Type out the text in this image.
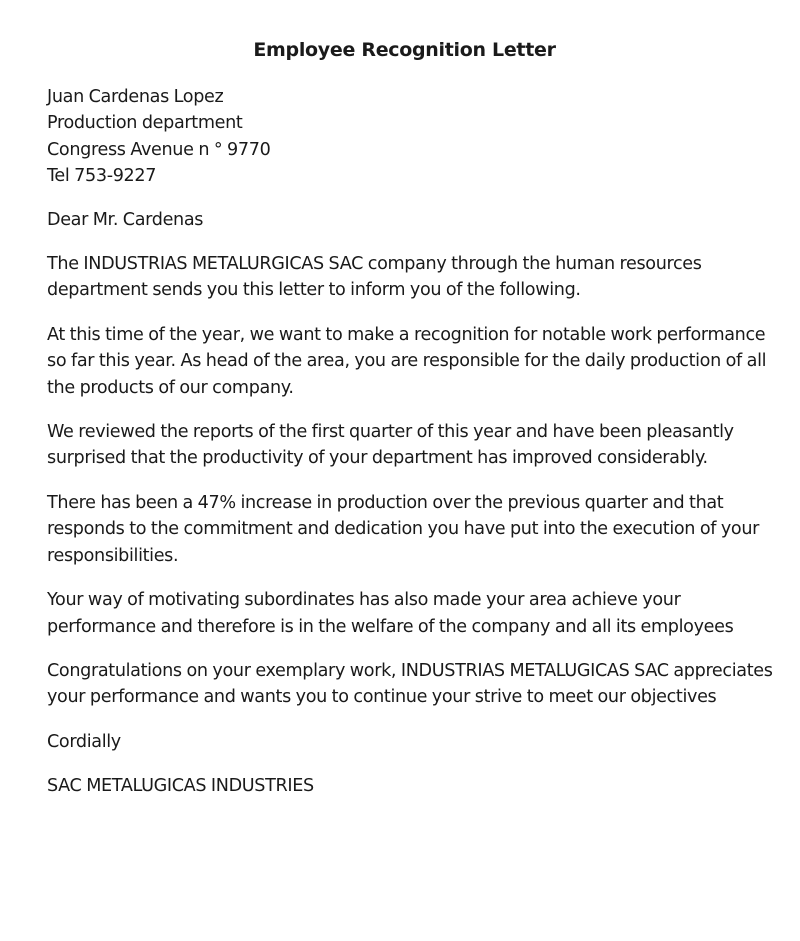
Employee Recognition Letter
Juan Cardenas Lopez
Production department
Congress Avenue n ° 9770
Tel 753-9227
Dear Mr. Cardenas

The INDUSTRIAS METALURGICAS SAC company through the human resources department sends you this letter to inform you of the following.

At this time of the year, we want to make a recognition for notable work performance so far this year. As head of the area, you are responsible for the daily production of all the products of our company.

We reviewed the reports of the first quarter of this year and have been pleasantly surprised that the productivity of your department has improved considerably.

There has been a 47% increase in production over the previous quarter and that responds to the commitment and dedication you have put into the execution of your responsibilities.

Your way of motivating subordinates has also made your area achieve your performance and therefore is in the welfare of the company and all its employees

Congratulations on your exemplary work, INDUSTRIAS METALUGICAS SAC appreciates your performance and wants you to continue your strive to meet our objectives

Cordially
SAC METALUGICAS INDUSTRIES
